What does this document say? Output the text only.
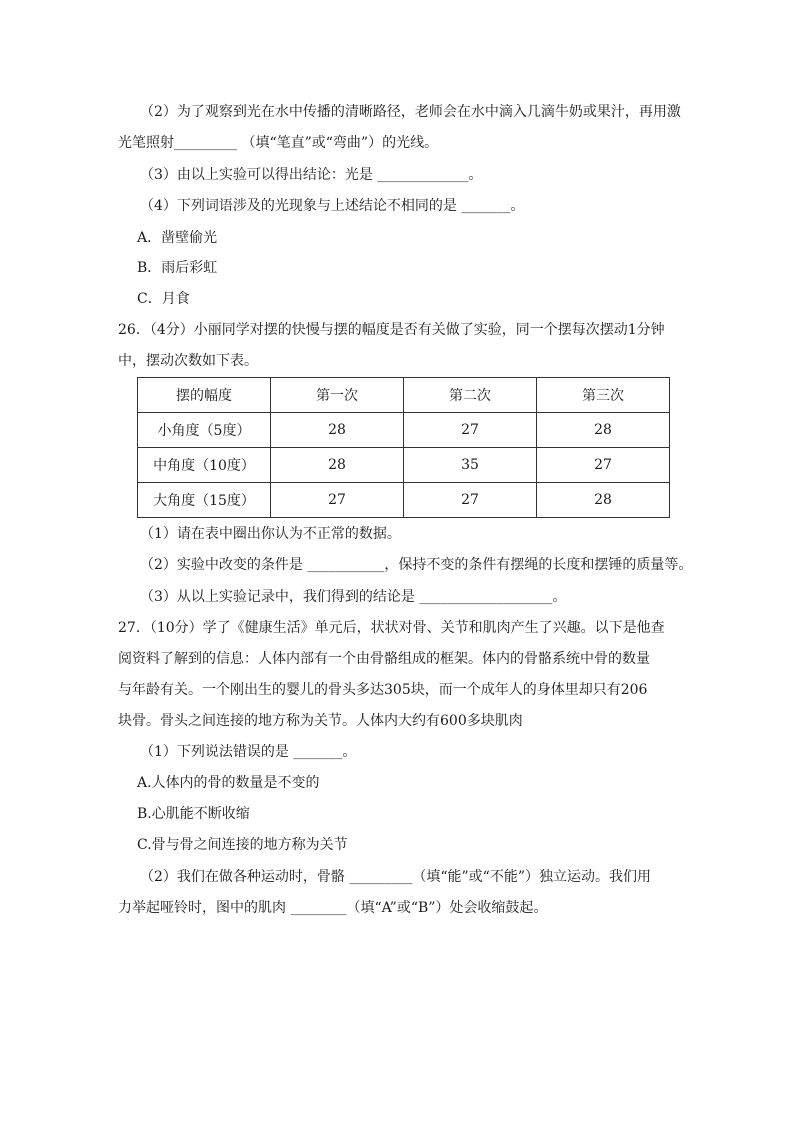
（2）为了观察到光在水中传播的清晰路径，老师会在水中滴入几滴牛奶或果汁，再用激
光笔照射_________ （填“笔直”或“弯曲”）的光线。
（3）由以上实验可以得出结论：光是 _____________。
（4）下列词语涉及的光现象与上述结论不相同的是 _______。
A．凿壁偷光
B．雨后彩虹
C．月食
26．（4分）小丽同学对摆的快慢与摆的幅度是否有关做了实验，同一个摆每次摆动1分钟
中，摆动次数如下表。
摆的幅度	第一次	第二次	第三次
小角度（5度）	28	27	28
中角度（10度）	28	35	27
大角度（15度）	27	27	28
（1）请在表中圈出你认为不正常的数据。
（2）实验中改变的条件是 ___________，保持不变的条件有摆绳的长度和摆锤的质量等。
（3）从以上实验记录中，我们得到的结论是 ___________________。
27．（10分）学了《健康生活》单元后，状状对骨、关节和肌肉产生了兴趣。以下是他查
阅资料了解到的信息：人体内部有一个由骨骼组成的框架。体内的骨骼系统中骨的数量
与年龄有关。一个刚出生的婴儿的骨头多达305块，而一个成年人的身体里却只有206
块骨。骨头之间连接的地方称为关节。人体内大约有600多块肌肉
（1）下列说法错误的是 _______。
A.人体内的骨的数量是不变的
B.心肌能不断收缩
C.骨与骨之间连接的地方称为关节
（2）我们在做各种运动时，骨骼 _________（填“能”或“不能”）独立运动。我们用
力举起哑铃时，图中的肌肉 ________（填“A”或“B”）处会收缩鼓起。
